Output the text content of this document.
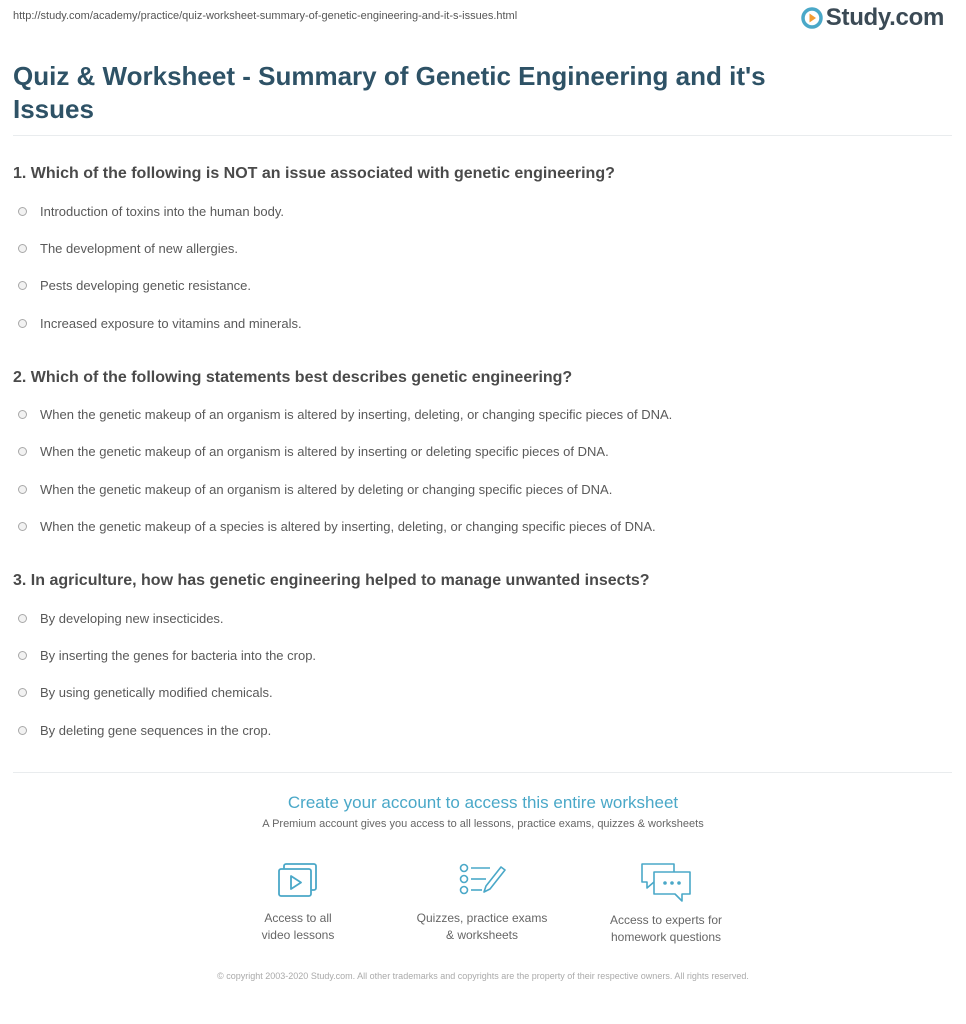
http://study.com/academy/practice/quiz-worksheet-summary-of-genetic-engineering-and-it-s-issues.html	Study.com
Quiz & Worksheet - Summary of Genetic Engineering and it's Issues
1. Which of the following is NOT an issue associated with genetic engineering?
Introduction of toxins into the human body.
The development of new allergies.
Pests developing genetic resistance.
Increased exposure to vitamins and minerals.
2. Which of the following statements best describes genetic engineering?
When the genetic makeup of an organism is altered by inserting, deleting, or changing specific pieces of DNA.
When the genetic makeup of an organism is altered by inserting or deleting specific pieces of DNA.
When the genetic makeup of an organism is altered by deleting or changing specific pieces of DNA.
When the genetic makeup of a species is altered by inserting, deleting, or changing specific pieces of DNA.
3. In agriculture, how has genetic engineering helped to manage unwanted insects?
By developing new insecticides.
By inserting the genes for bacteria into the crop.
By using genetically modified chemicals.
By deleting gene sequences in the crop.
Create your account to access this entire worksheet
A Premium account gives you access to all lessons, practice exams, quizzes & worksheets
Access to all
video lessons
Quizzes, practice exams
& worksheets
Access to experts for
homework questions
© copyright 2003-2020 Study.com. All other trademarks and copyrights are the property of their respective owners. All rights reserved.
